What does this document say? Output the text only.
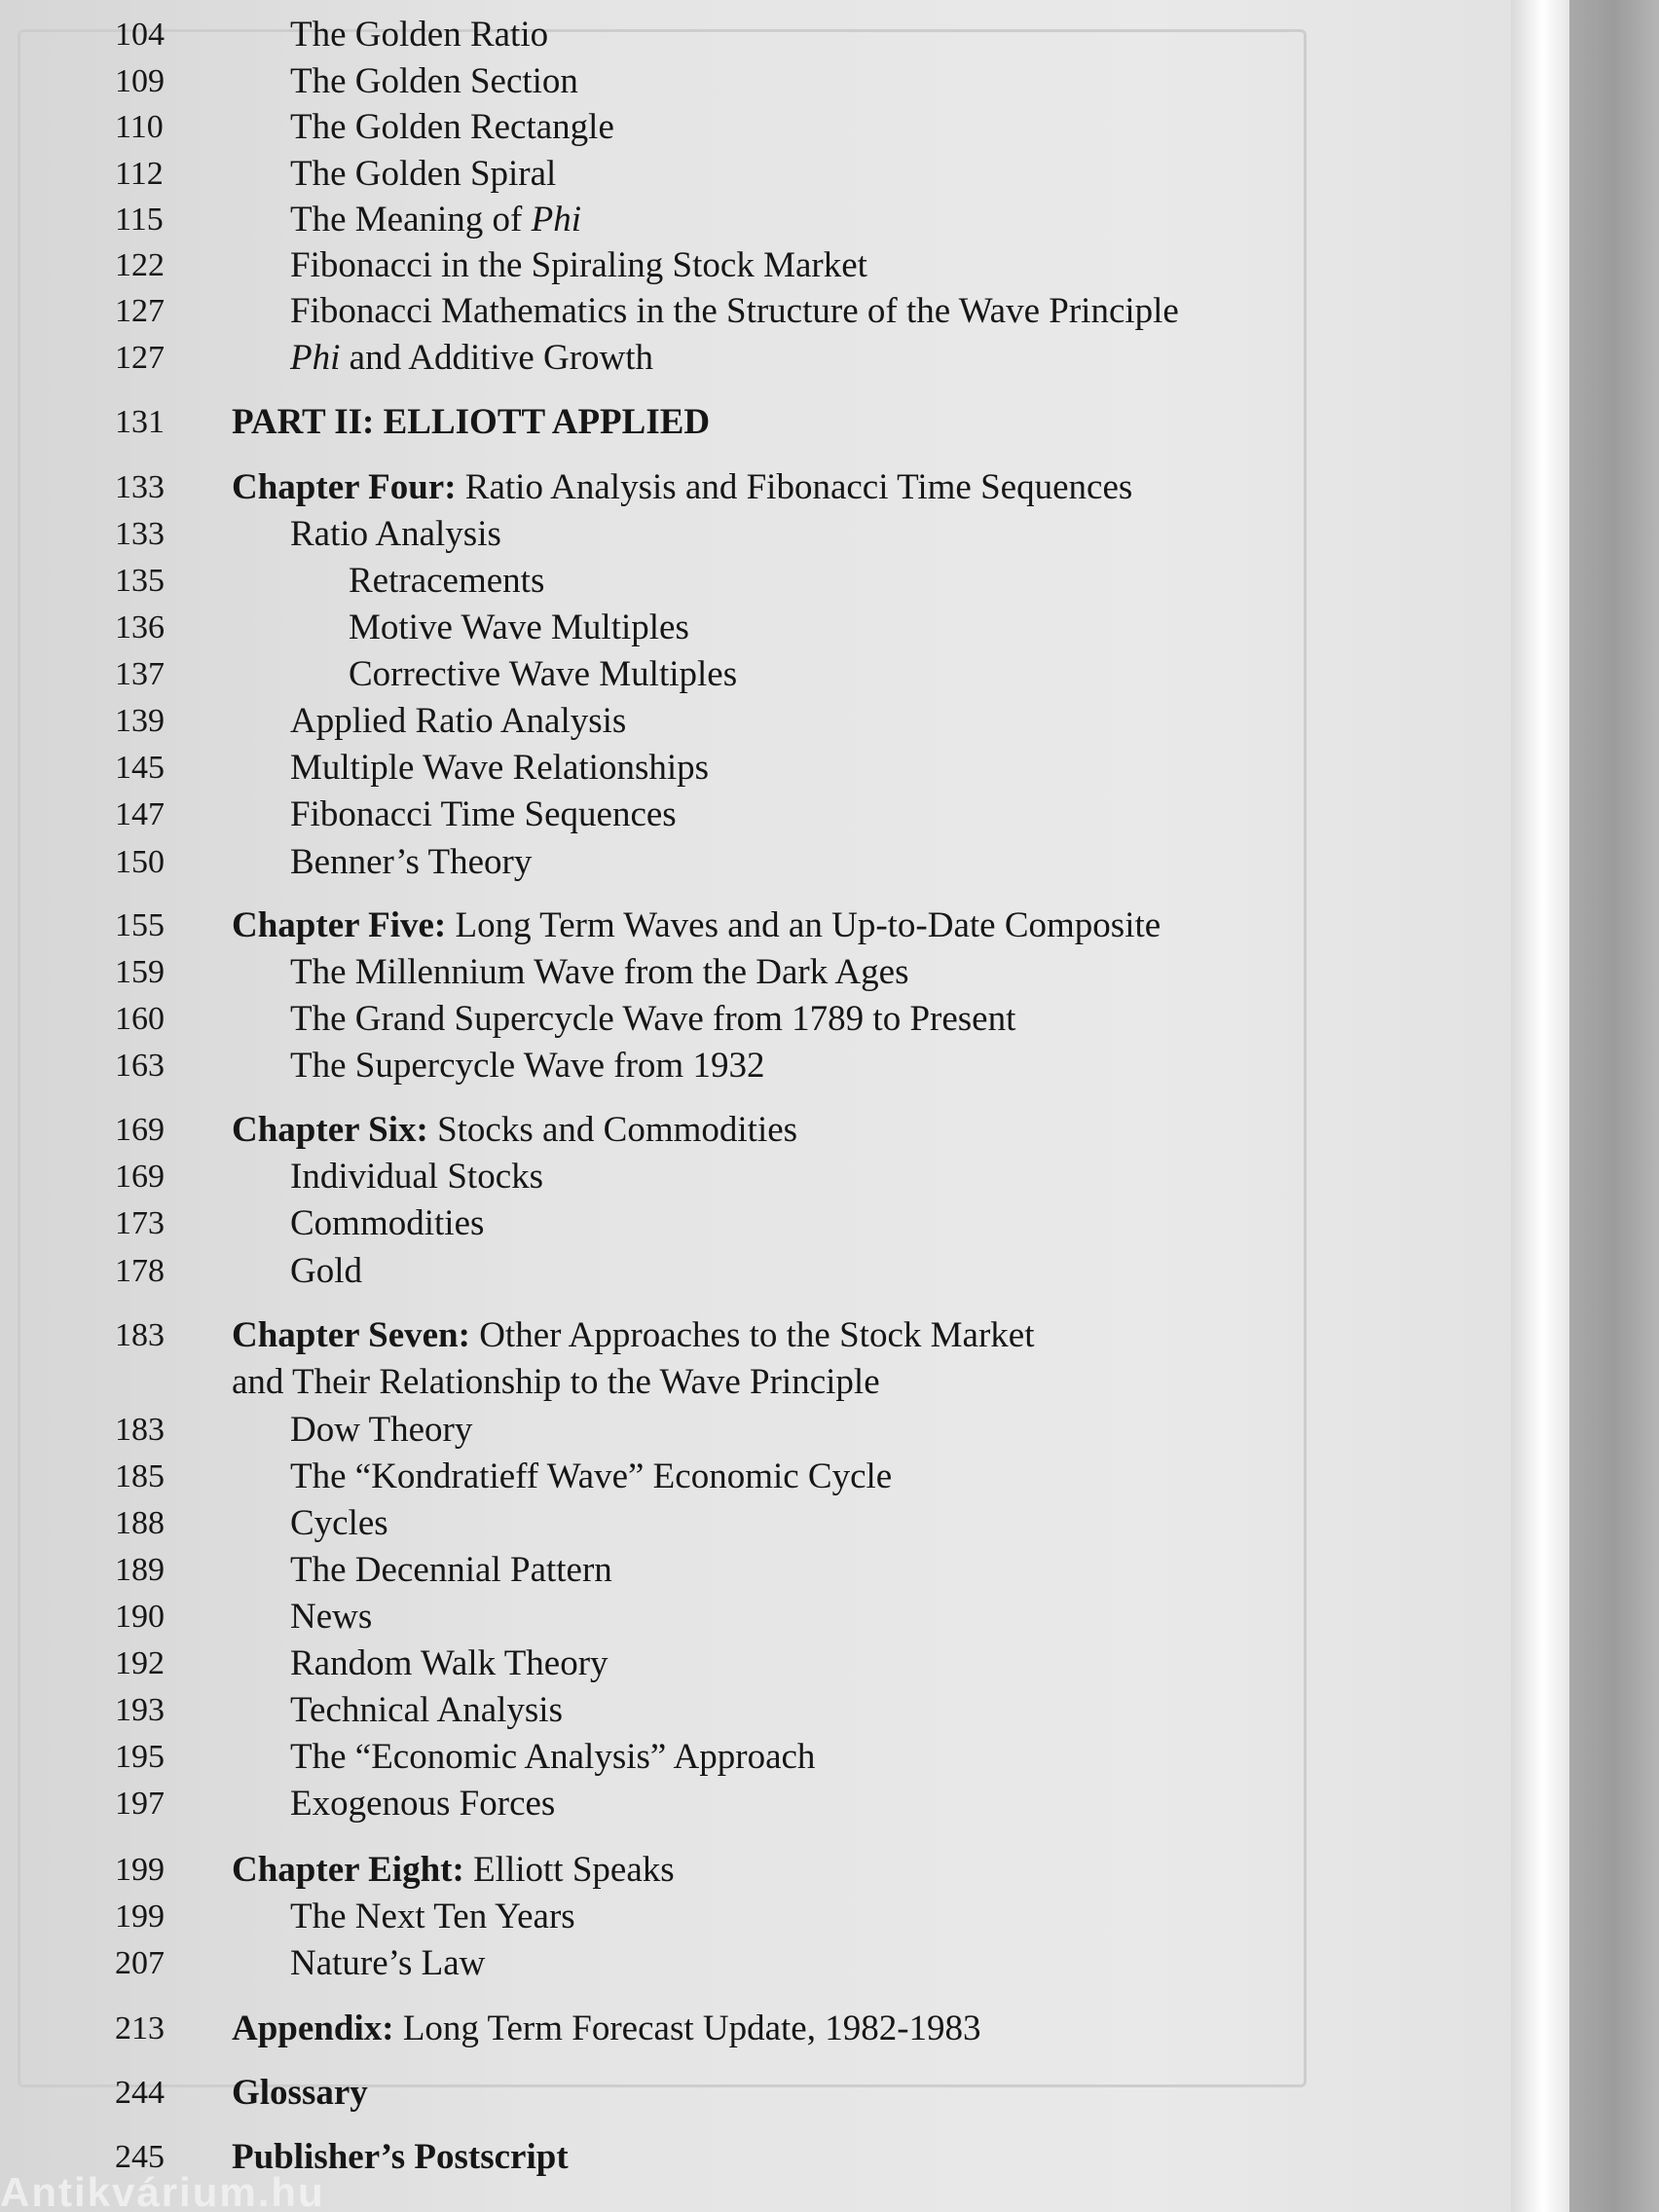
104	The Golden Ratio
109	The Golden Section
110	The Golden Rectangle
112	The Golden Spiral
115	The Meaning of Phi
122	Fibonacci in the Spiraling Stock Market
127	Fibonacci Mathematics in the Structure of the Wave Principle
127	Phi and Additive Growth
131	PART II: ELLIOTT APPLIED
133	Chapter Four: Ratio Analysis and Fibonacci Time Sequences
133	Ratio Analysis
135	Retracements
136	Motive Wave Multiples
137	Corrective Wave Multiples
139	Applied Ratio Analysis
145	Multiple Wave Relationships
147	Fibonacci Time Sequences
150	Benner’s Theory
155	Chapter Five: Long Term Waves and an Up-to-Date Composite
159	The Millennium Wave from the Dark Ages
160	The Grand Supercycle Wave from 1789 to Present
163	The Supercycle Wave from 1932
169	Chapter Six: Stocks and Commodities
169	Individual Stocks
173	Commodities
178	Gold
183	Chapter Seven: Other Approaches to the Stock Market
and Their Relationship to the Wave Principle
183	Dow Theory
185	The “Kondratieff Wave” Economic Cycle
188	Cycles
189	The Decennial Pattern
190	News
192	Random Walk Theory
193	Technical Analysis
195	The “Economic Analysis” Approach
197	Exogenous Forces
199	Chapter Eight: Elliott Speaks
199	The Next Ten Years
207	Nature’s Law
213	Appendix: Long Term Forecast Update, 1982-1983
244	Glossary
245	Publisher’s Postscript
Antikvárium.hu
